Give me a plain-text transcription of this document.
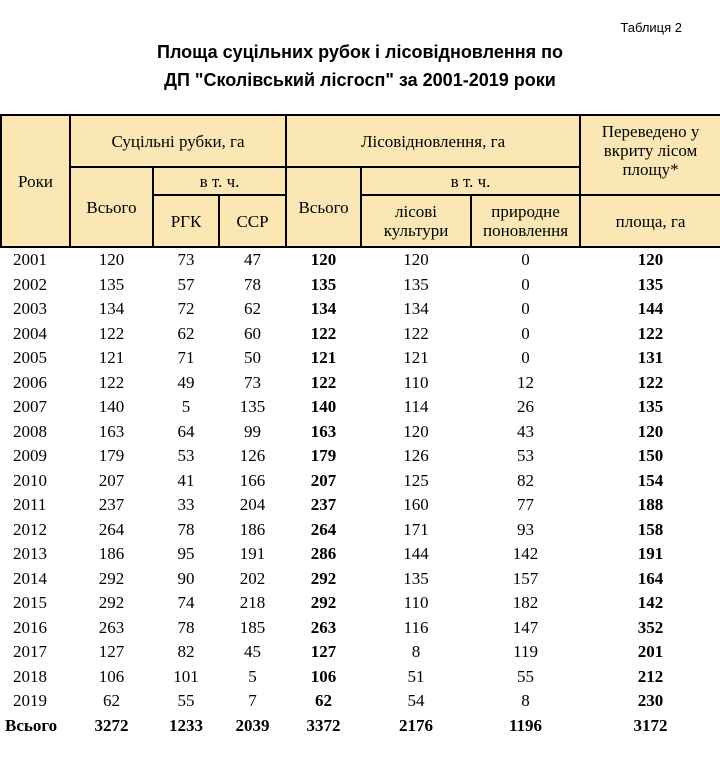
Таблиця 2
Площа суцільних рубок і лісовідновлення по
ДП "Сколівський лісгосп" за 2001-2019 роки
Роки	Суцільні рубки, га			Лісовідновлення, га			Переведено у вкриту лісом площу*
	Всього	в т. ч.		Всього	в т. ч.		
		РГК	ССР		лісові культури	природне поновлення	площа, га
2001	120	73	47	120	120	0	120
2002	135	57	78	135	135	0	135
2003	134	72	62	134	134	0	144
2004	122	62	60	122	122	0	122
2005	121	71	50	121	121	0	131
2006	122	49	73	122	110	12	122
2007	140	5	135	140	114	26	135
2008	163	64	99	163	120	43	120
2009	179	53	126	179	126	53	150
2010	207	41	166	207	125	82	154
2011	237	33	204	237	160	77	188
2012	264	78	186	264	171	93	158
2013	186	95	191	286	144	142	191
2014	292	90	202	292	135	157	164
2015	292	74	218	292	110	182	142
2016	263	78	185	263	116	147	352
2017	127	82	45	127	8	119	201
2018	106	101	5	106	51	55	212
2019	62	55	7	62	54	8	230
Всього	3272	1233	2039	3372	2176	1196	3172
